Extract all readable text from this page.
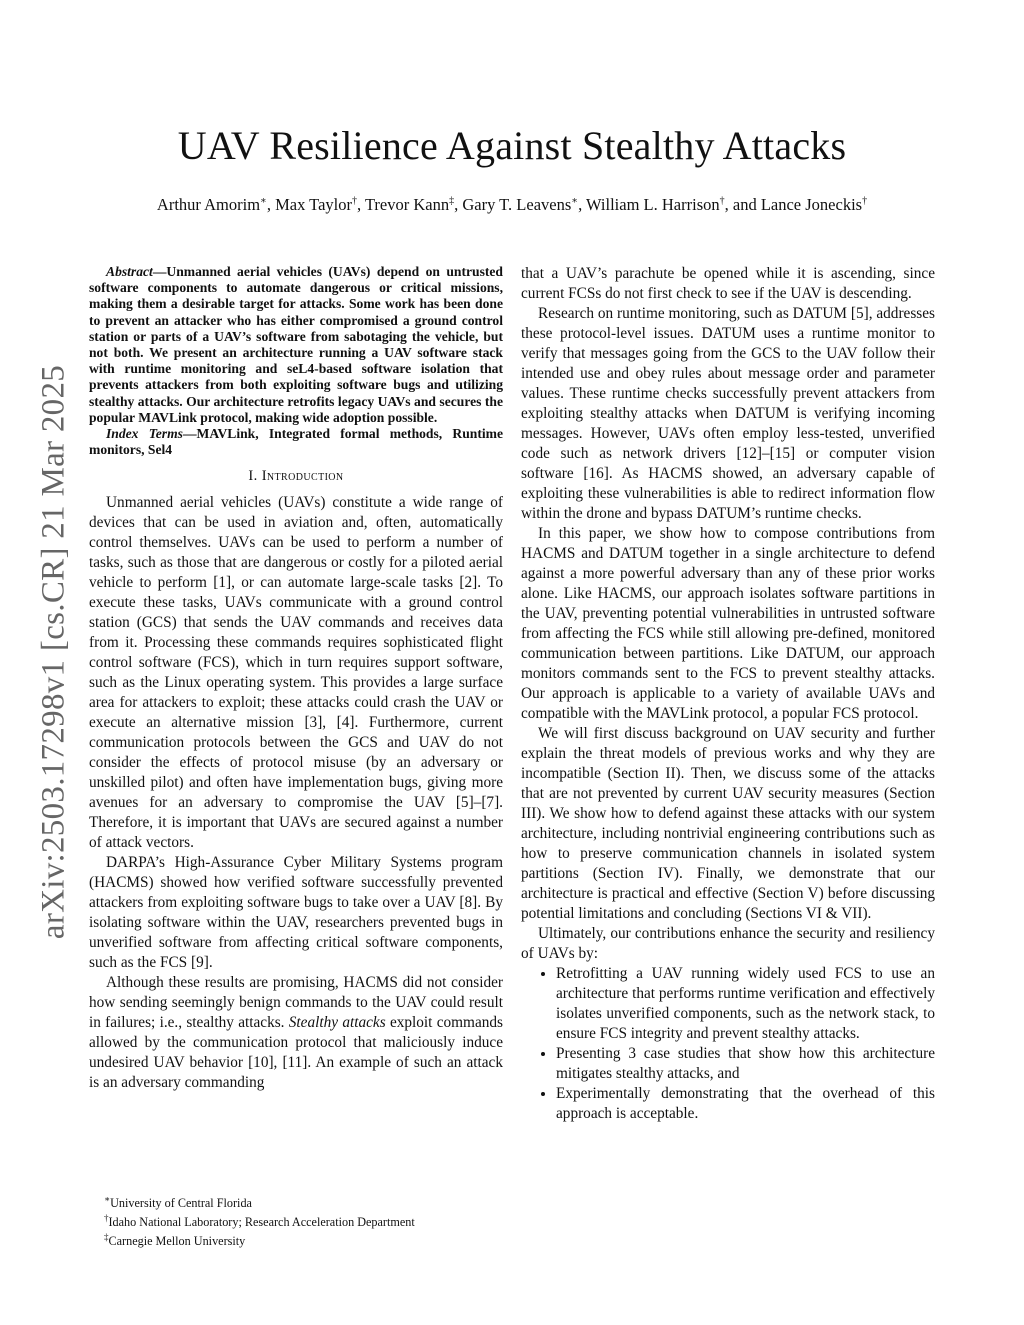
arXiv:2503.17298v1 [cs.CR] 21 Mar 2025
UAV Resilience Against Stealthy Attacks
Arthur Amorim∗, Max Taylor†, Trevor Kann‡, Gary T. Leavens∗, William L. Harrison†, and Lance Joneckis†

Abstract—Unmanned aerial vehicles (UAVs) depend on untrusted software components to automate dangerous or critical missions, making them a desirable target for attacks. Some work has been done to prevent an attacker who has either compromised a ground control station or parts of a UAV’s software from sabotaging the vehicle, but not both. We present an architecture running a UAV software stack with runtime monitoring and seL4-based software isolation that prevents attackers from both exploiting software bugs and utilizing stealthy attacks. Our architecture retrofits legacy UAVs and secures the popular MAVLink protocol, making wide adoption possible.

Index Terms—MAVLink, Integrated formal methods, Runtime monitors, Sel4

I. Introduction

Unmanned aerial vehicles (UAVs) constitute a wide range of devices that can be used in aviation and, often, automatically control themselves. UAVs can be used to perform a number of tasks, such as those that are dangerous or costly for a piloted aerial vehicle to perform [1], or can automate large-scale tasks [2]. To execute these tasks, UAVs communicate with a ground control station (GCS) that sends the UAV commands and receives data from it. Processing these commands requires sophisticated flight control software (FCS), which in turn requires support software, such as the Linux operating system. This provides a large surface area for attackers to exploit; these attacks could crash the UAV or execute an alternative mission [3], [4]. Furthermore, current communication protocols between the GCS and UAV do not consider the effects of protocol misuse (by an adversary or unskilled pilot) and often have implementation bugs, giving more avenues for an adversary to compromise the UAV [5]–[7]. Therefore, it is important that UAVs are secured against a number of attack vectors.

DARPA’s High-Assurance Cyber Military Systems program (HACMS) showed how verified software successfully prevented attackers from exploiting software bugs to take over a UAV [8]. By isolating software within the UAV, researchers prevented bugs in unverified software from affecting critical software components, such as the FCS [9].

Although these results are promising, HACMS did not consider how sending seemingly benign commands to the UAV could result in failures; i.e., stealthy attacks. Stealthy attacks exploit commands allowed by the communication protocol that maliciously induce undesired UAV behavior [10], [11]. An example of such an attack is an adversary commanding

that a UAV’s parachute be opened while it is ascending, since current FCSs do not first check to see if the UAV is descending.

Research on runtime monitoring, such as DATUM [5], addresses these protocol-level issues. DATUM uses a runtime monitor to verify that messages going from the GCS to the UAV follow their intended use and obey rules about message order and parameter values. These runtime checks successfully prevent attackers from exploiting stealthy attacks when DATUM is verifying incoming messages. However, UAVs often employ less-tested, unverified code such as network drivers [12]–[15] or computer vision software [16]. As HACMS showed, an adversary capable of exploiting these vulnerabilities is able to redirect information flow within the drone and bypass DATUM’s runtime checks.

In this paper, we show how to compose contributions from HACMS and DATUM together in a single architecture to defend against a more powerful adversary than any of these prior works alone. Like HACMS, our approach isolates software partitions in the UAV, preventing potential vulnerabilities in untrusted software from affecting the FCS while still allowing pre-defined, monitored communication between partitions. Like DATUM, our approach monitors commands sent to the FCS to prevent stealthy attacks. Our approach is applicable to a variety of available UAVs and compatible with the MAVLink protocol, a popular FCS protocol.

We will first discuss background on UAV security and further explain the threat models of previous works and why they are incompatible (Section II). Then, we discuss some of the attacks that are not prevented by current UAV security measures (Section III). We show how to defend against these attacks with our system architecture, including nontrivial engineering contributions such as how to preserve communication channels in isolated system partitions (Section IV). Finally, we demonstrate that our architecture is practical and effective (Section V) before discussing potential limitations and concluding (Sections VI & VII).

Ultimately, our contributions enhance the security and resiliency of UAVs by:

• Retrofitting a UAV running widely used FCS to use an architecture that performs runtime verification and effectively isolates unverified components, such as the network stack, to ensure FCS integrity and prevent stealthy attacks.
• Presenting 3 case studies that show how this architecture mitigates stealthy attacks, and
• Experimentally demonstrating that the overhead of this approach is acceptable.
∗University of Central Florida
†Idaho National Laboratory; Research Acceleration Department
‡Carnegie Mellon University
